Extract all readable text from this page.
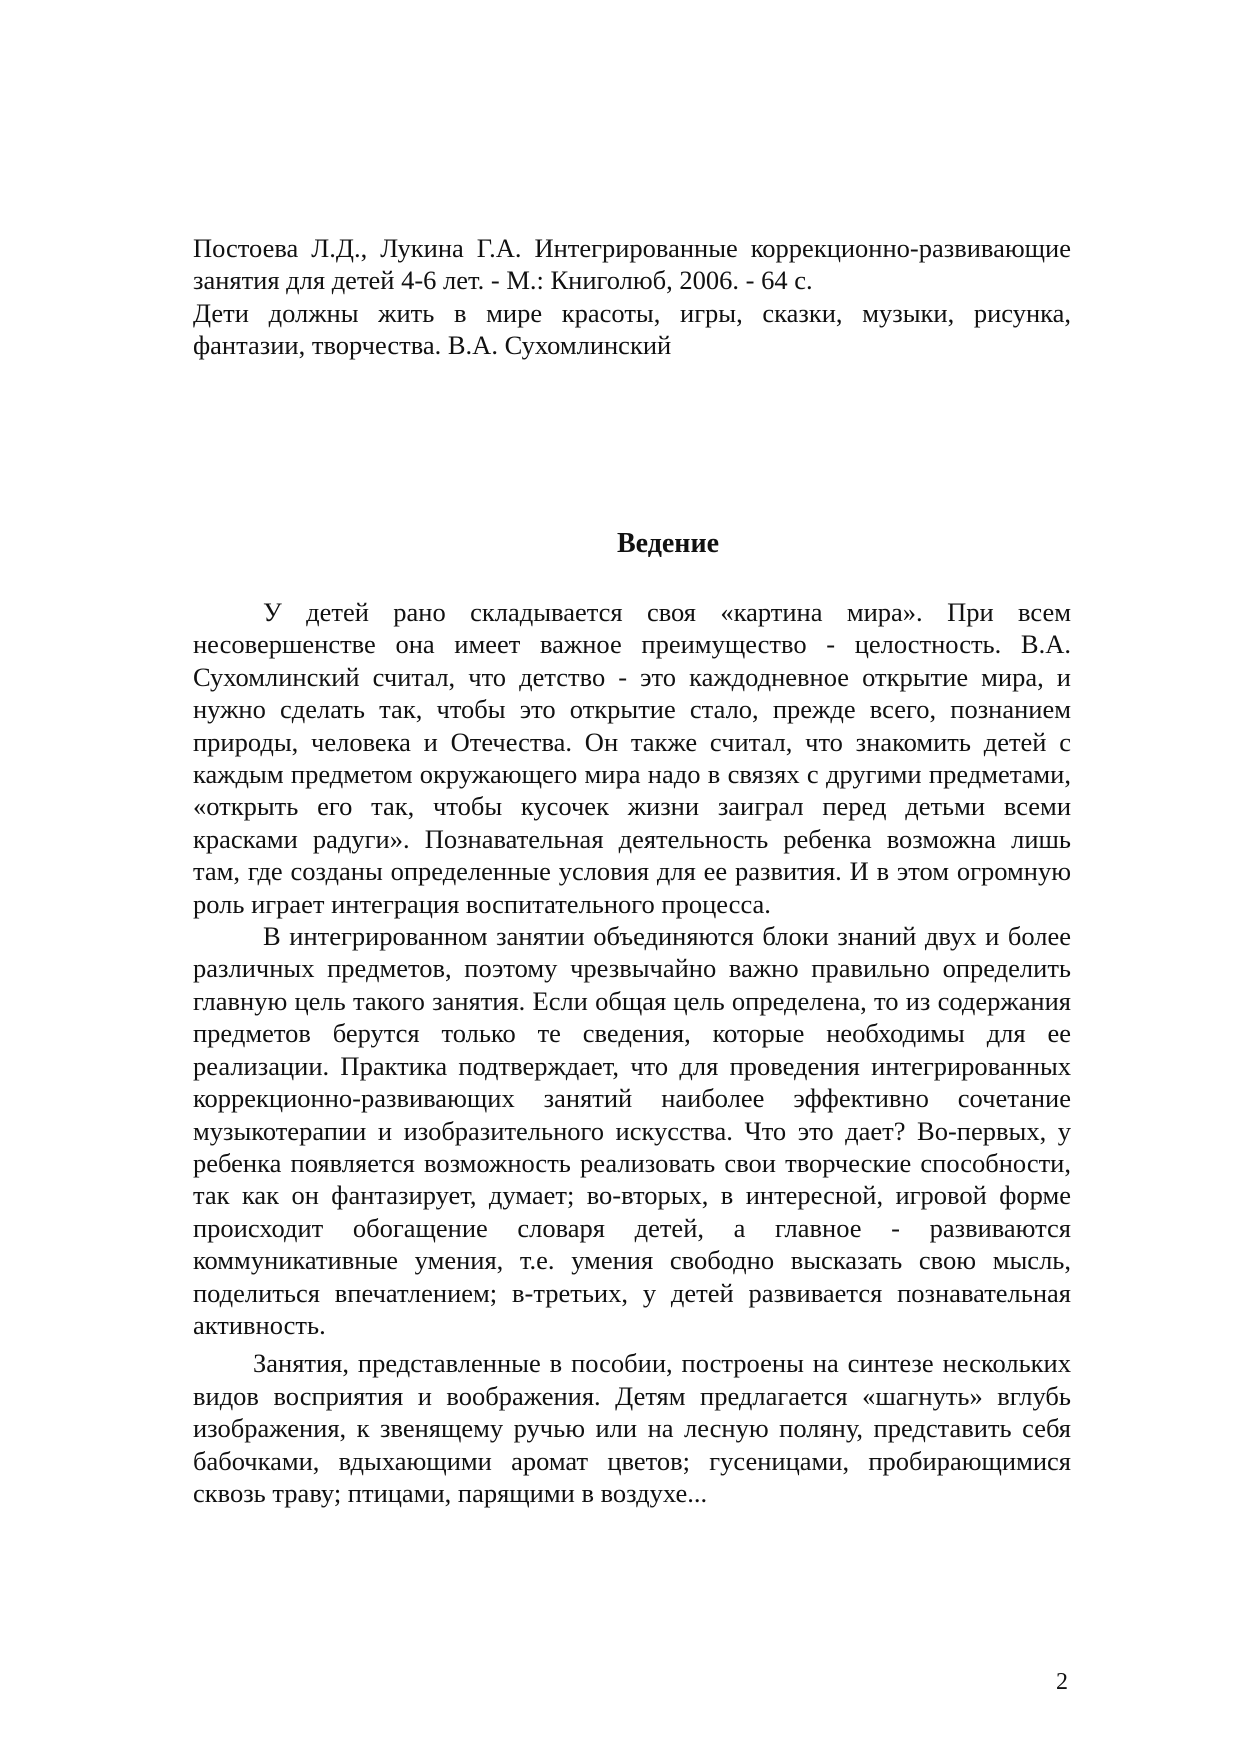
Постоева Л.Д., Лукина Г.А. Интегрированные коррекционно-развивающие занятия для детей 4-6 лет. - М.: Книголюб, 2006. - 64 с.

Дети должны жить в мире красоты, игры, сказки, музыки, рисунка, фантазии, творчества. В.А. Сухомлинский

Ведение

У детей рано складывается своя «картина мира». При всем несовершенстве она имеет важное преимущество - целостность. В.А. Сухомлинский считал, что детство - это каждодневное открытие мира, и нужно сделать так, чтобы это открытие стало, прежде всего, познанием природы, человека и Отечества. Он также считал, что знакомить детей с каждым предметом окружающего мира надо в связях с другими предметами, «открыть его так, чтобы кусочек жизни заиграл перед детьми всеми красками радуги». Познавательная деятельность ребенка возможна лишь там, где созданы определенные условия для ее развития. И в этом огромную роль играет интеграция воспитательного процесса.

В интегрированном занятии объединяются блоки знаний двух и более различных предметов, поэтому чрезвычайно важно правильно определить главную цель такого занятия. Если общая цель определена, то из содержания предметов берутся только те сведения, которые необходимы для ее реализации. Практика подтверждает, что для проведения интегрированных коррекционно-развивающих занятий наиболее эффективно сочетание музыкотерапии и изобразительного искусства. Что это дает? Во-первых, у ребенка появляется возможность реализовать свои творческие способности, так как он фантазирует, думает; во-вторых, в интересной, игровой форме происходит обогащение словаря детей, а главное - развиваются коммуникативные умения, т.е. умения свободно высказать свою мысль, поделиться впечатлением; в-третьих, у детей развивается познавательная активность.

Занятия, представленные в пособии, построены на синтезе нескольких видов восприятия и воображения. Детям предлагается «шагнуть» вглубь изображения, к звенящему ручью или на лесную поляну, представить себя бабочками, вдыхающими аромат цветов; гусеницами, пробирающимися сквозь траву; птицами, парящими в воздухе...

2
